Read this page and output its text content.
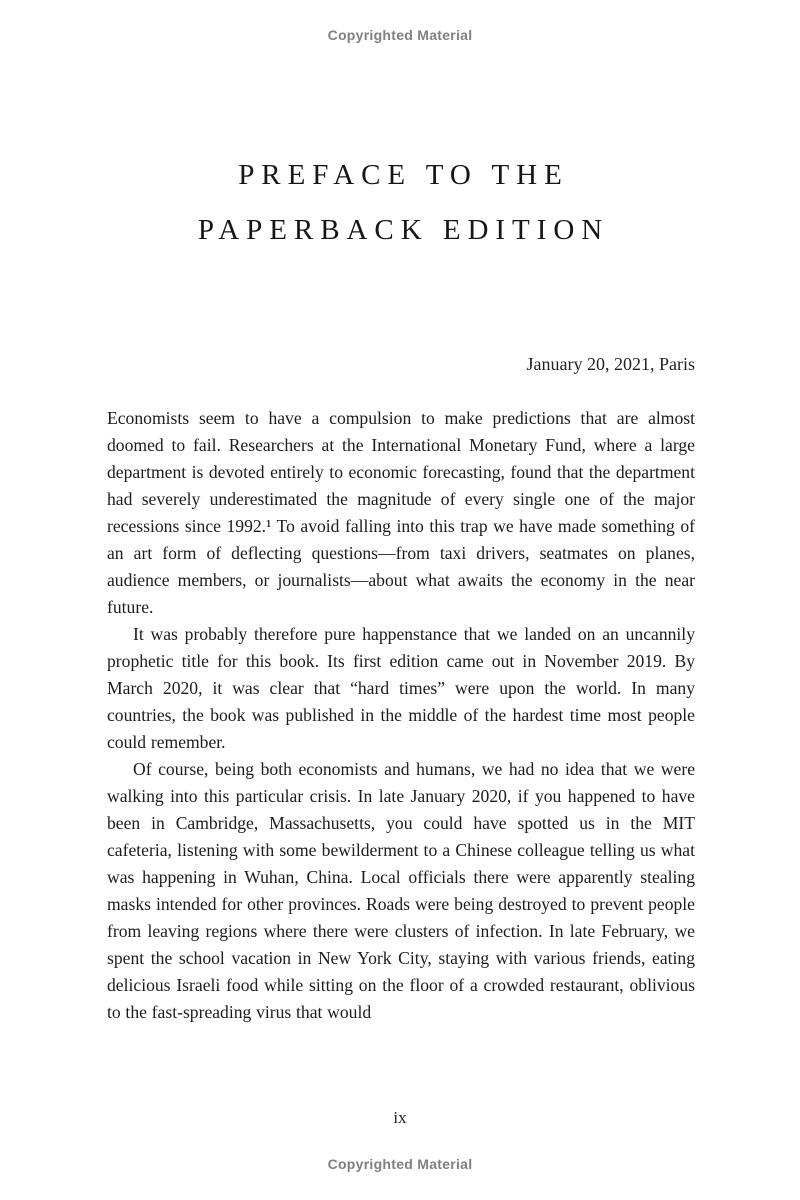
Copyrighted Material
PREFACE TO THE
PAPERBACK EDITION
January 20, 2021, Paris

Economists seem to have a compulsion to make predictions that are almost doomed to fail. Researchers at the International Monetary Fund, where a large department is devoted entirely to economic forecasting, found that the department had severely underestimated the magnitude of every single one of the major recessions since 1992.¹ To avoid falling into this trap we have made something of an art form of deflecting questions—from taxi drivers, seatmates on planes, audience members, or journalists—about what awaits the economy in the near future.

It was probably therefore pure happenstance that we landed on an uncannily prophetic title for this book. Its first edition came out in November 2019. By March 2020, it was clear that “hard times” were upon the world. In many countries, the book was published in the middle of the hardest time most people could remember.

Of course, being both economists and humans, we had no idea that we were walking into this particular crisis. In late January 2020, if you happened to have been in Cambridge, Massachusetts, you could have spotted us in the MIT cafeteria, listening with some bewilderment to a Chinese colleague telling us what was happening in Wuhan, China. Local officials there were apparently stealing masks intended for other provinces. Roads were being destroyed to prevent people from leaving regions where there were clusters of infection. In late February, we spent the school vacation in New York City, staying with various friends, eating delicious Israeli food while sitting on the floor of a crowded restaurant, oblivious to the fast-spreading virus that would

ix
Copyrighted Material
